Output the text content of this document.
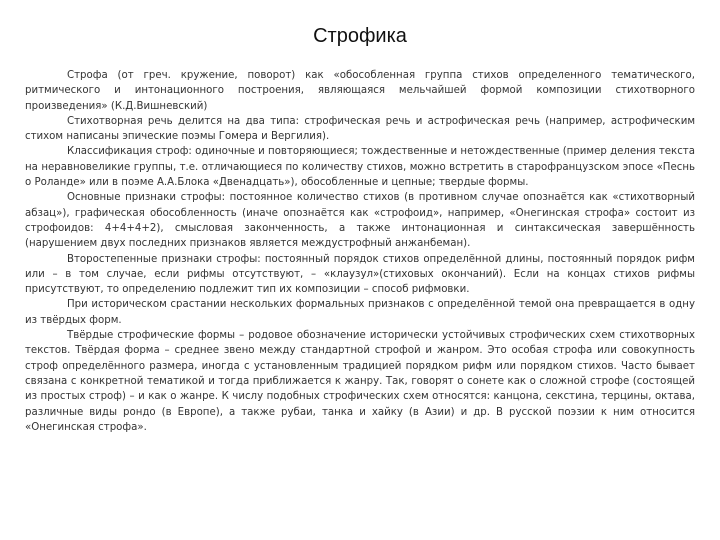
Строфика

Строфа (от греч. кружение, поворот) как «обособленная группа стихов определенного тематического, ритмического и интонационного построения, являющаяся мельчайшей формой композиции стихотворного произведения» (К.Д.Вишневский)

Стихотворная речь делится на два типа: строфическая речь и астрофическая речь (например, астрофическим стихом написаны эпические поэмы Гомера и Вергилия).

Классификация строф: одиночные и повторяющиеся; тождественные и нетождественные (пример деления текста на неравновеликие группы, т.е. отличающиеся по количеству стихов, можно встретить в старофранцузском эпосе «Песнь о Роланде» или в поэме А.А.Блока «Двенадцать»), обособленные и цепные; твердые формы.

Основные признаки строфы: постоянное количество стихов (в противном случае опознаётся как «стихотворный абзац»), графическая обособленность (иначе опознаётся как «строфоид», например, «Онегинская строфа» состоит из строфоидов: 4+4+4+2), смысловая законченность, а также интонационная и синтаксическая завершённость (нарушением двух последних признаков является междустрофный анжанбеман).

Второстепенные признаки строфы: постоянный порядок стихов определённой длины, постоянный порядок рифм или – в том случае, если рифмы отсутствуют, – «клаузул»(стиховых окончаний). Если на концах стихов рифмы присутствуют, то определению подлежит тип их композиции – способ рифмовки.

При историческом срастании нескольких формальных признаков с определённой темой она превращается в одну из твёрдых форм.

Твёрдые строфические формы – родовое обозначение исторически устойчивых строфических схем стихотворных текстов. Твёрдая форма – среднее звено между стандартной строфой и жанром. Это особая строфа или совокупность строф определённого размера, иногда с установленным традицией порядком рифм или порядком стихов. Часто бывает связана с конкретной тематикой и тогда приближается к жанру. Так, говорят о сонете как о сложной строфе (состоящей из простых строф) – и как о жанре. К числу подобных строфических схем относятся: канцона, секстина, терцины, октава, различные виды рондо (в Европе), а также рубаи, танка и хайку (в Азии) и др. В русской поэзии к ним относится «Онегинская строфа».
